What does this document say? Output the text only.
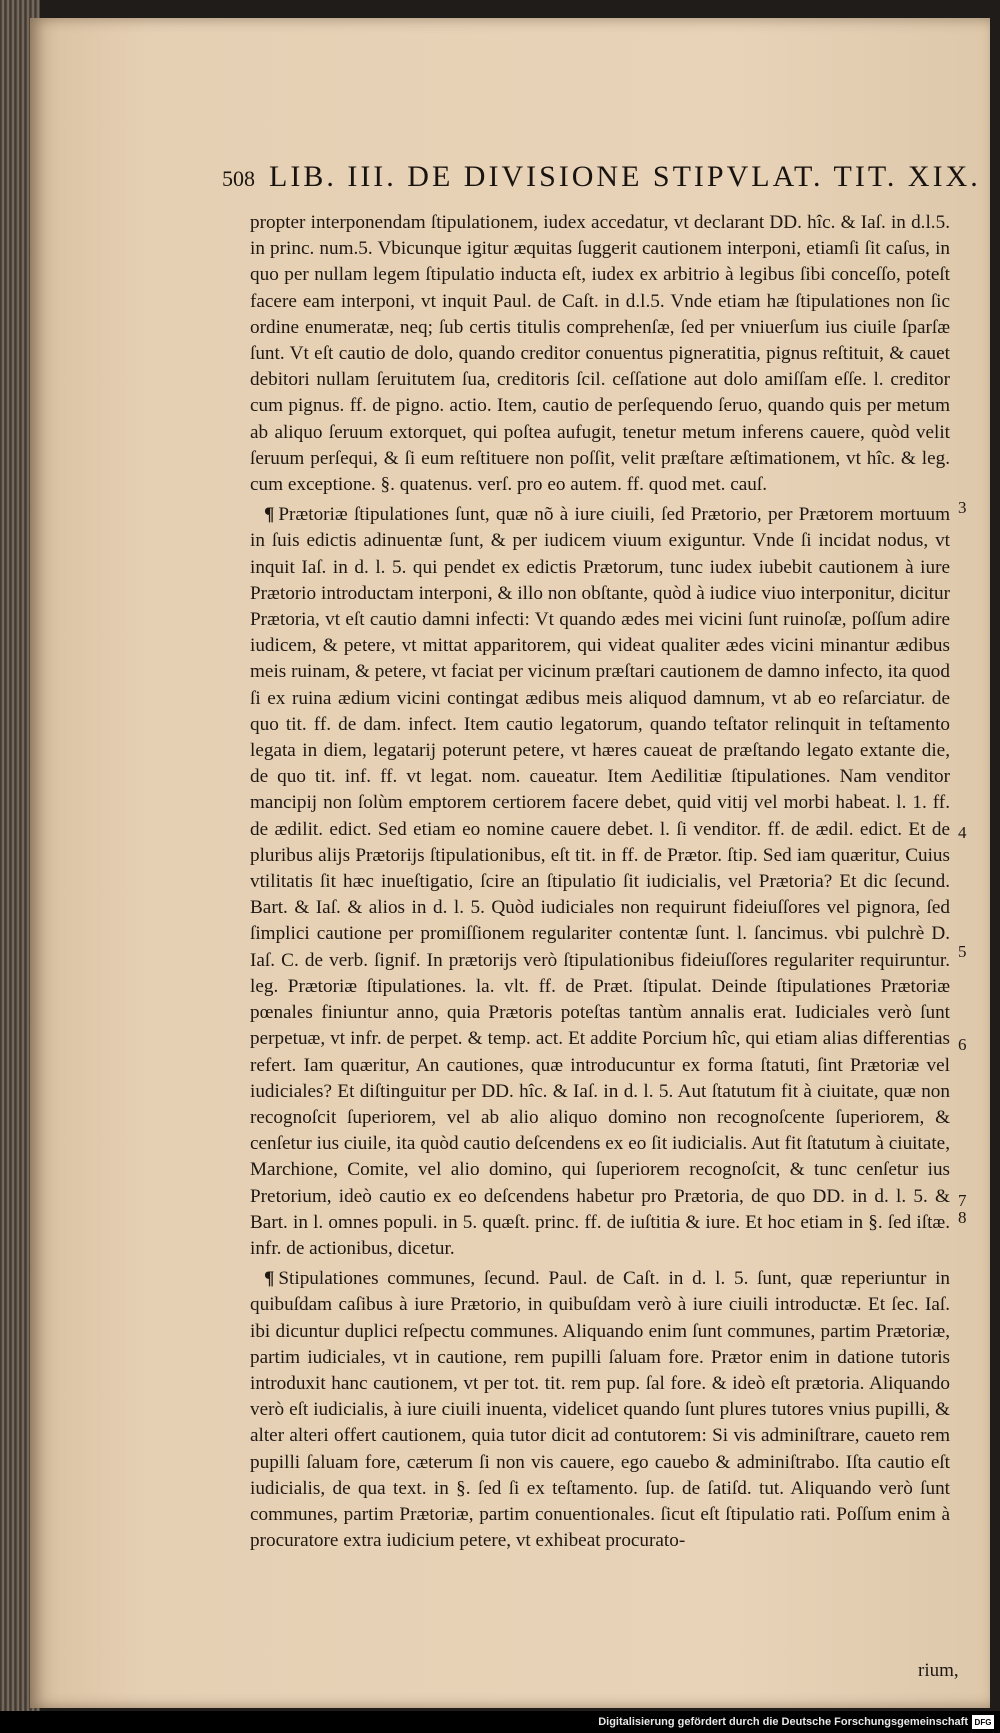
508 LIB. III. DE DIVISIONE STIPVLAT. TIT. XIX.

propter interponendam ſtipulationem, iudex accedatur, vt declarant DD. hîc. & Iaſ. in d.l.5. in princ. num.5. Vbicunque igitur æquitas ſuggerit cautionem interponi, etiamſi ſit caſus, in quo per nullam legem ſtipulatio inducta eſt, iudex ex arbitrio à legibus ſibi conceſſo, poteſt facere eam interponi, vt inquit Paul. de Caſt. in d.l.5. Vnde etiam hæ ſtipulationes non ſic ordine enumeratæ, neq; ſub certis titulis comprehenſæ, ſed per vniuerſum ius ciuile ſparſæ ſunt. Vt eſt cautio de dolo, quando creditor conuentus pigneratitia, pignus reſtituit, & cauet debitori nullam ſeruitutem ſua, creditoris ſcil. ceſſatione aut dolo amiſſam eſſe. l. creditor cum pignus. ff. de pigno. actio. Item, cautio de perſequendo ſeruo, quando quis per metum ab aliquo ſeruum extorquet, qui poſtea aufugit, tenetur metum inferens cauere, quòd velit ſeruum perſequi, & ſi eum reſtituere non poſſit, velit præſtare æſtimationem, vt hîc. & leg. cum exceptione. §. quatenus. verſ. pro eo autem. ff. quod met. cauſ.

¶ Prætoriæ ſtipulationes ſunt, quæ nõ à iure ciuili, ſed Prætorio, per Prætorem mortuum in ſuis edictis adinuentæ ſunt, & per iudicem viuum exiguntur. Vnde ſi incidat nodus, vt inquit Iaſ. in d. l. 5. qui pendet ex edictis Prætorum, tunc iudex iubebit cautionem à iure Prætorio introductam interponi, & illo non obſtante, quòd à iudice viuo interponitur, dicitur Prætoria, vt eſt cautio damni infecti: Vt quando ædes mei vicini ſunt ruinoſæ, poſſum adire iudicem, & petere, vt mittat apparitorem, qui videat qualiter ædes vicini minantur ædibus meis ruinam, & petere, vt faciat per vicinum præſtari cautionem de damno infecto, ita quod ſi ex ruina ædium vicini contingat ædibus meis aliquod damnum, vt ab eo reſarciatur. de quo tit. ff. de dam. infect. Item cautio legatorum, quando teſtator relinquit in teſtamento legata in diem, legatarij poterunt petere, vt hæres caueat de præſtando legato extante die, de quo tit. inf. ff. vt legat. nom. caueatur. Item Aedilitiæ ſtipulationes. Nam venditor mancipij non ſolùm emptorem certiorem facere debet, quid vitij vel morbi habeat. l. 1. ff. de ædilit. edict. Sed etiam eo nomine cauere debet. l. ſi venditor. ff. de ædil. edict. Et de pluribus alijs Prætorijs ſtipulationibus, eſt tit. in ff. de Prætor. ſtip. Sed iam quæritur, Cuius vtilitatis ſit hæc inueſtigatio, ſcire an ſtipulatio ſit iudicialis, vel Prætoria? Et dic ſecund. Bart. & Iaſ. & alios in d. l. 5. Quòd iudiciales non requirunt fideiuſſores vel pignora, ſed ſimplici cautione per promiſſionem regulariter contentæ ſunt. l. ſancimus. vbi pulchrè D. Iaſ. C. de verb. ſignif. In prætorijs verò ſtipulationibus fideiuſſores regulariter requiruntur. leg. Prætoriæ ſtipulationes. la. vlt. ff. de Præt. ſtipulat. Deinde ſtipulationes Prætoriæ pœnales finiuntur anno, quia Prætoris poteſtas tantùm annalis erat. Iudiciales verò ſunt perpetuæ, vt infr. de perpet. & temp. act. Et addite Porcium hîc, qui etiam alias differentias refert. Iam quæritur, An cautiones, quæ introducuntur ex forma ſtatuti, ſint Prætoriæ vel iudiciales? Et diſtinguitur per DD. hîc. & Iaſ. in d. l. 5. Aut ſtatutum fit à ciuitate, quæ non recognoſcit ſuperiorem, vel ab alio aliquo domino non recognoſcente ſuperiorem, & cenſetur ius ciuile, ita quòd cautio deſcendens ex eo ſit iudicialis. Aut fit ſtatutum à ciuitate, Marchione, Comite, vel alio domino, qui ſuperiorem recognoſcit, & tunc cenſetur ius Pretorium, ideò cautio ex eo deſcendens habetur pro Prætoria, de quo DD. in d. l. 5. & Bart. in l. omnes populi. in 5. quæſt. princ. ff. de iuſtitia & iure. Et hoc etiam in §. ſed iſtæ. infr. de actionibus, dicetur.

¶ Stipulationes communes, ſecund. Paul. de Caſt. in d. l. 5. ſunt, quæ reperiuntur in quibuſdam caſibus à iure Prætorio, in quibuſdam verò à iure ciuili introductæ. Et ſec. Iaſ. ibi dicuntur duplici reſpectu communes. Aliquando enim ſunt communes, partim Prætoriæ, partim iudiciales, vt in cautione, rem pupilli ſaluam fore. Prætor enim in datione tutoris introduxit hanc cautionem, vt per tot. tit. rem pup. ſal fore. & ideò eſt prætoria. Aliquando verò eſt iudicialis, à iure ciuili inuenta, videlicet quando ſunt plures tutores vnius pupilli, & alter alteri offert cautionem, quia tutor dicit ad contutorem: Si vis adminiſtrare, caueto rem pupilli ſaluam fore, cæterum ſi non vis cauere, ego cauebo & adminiſtrabo. Iſta cautio eſt iudicialis, de qua text. in §. ſed ſi ex teſtamento. ſup. de ſatiſd. tut. Aliquando verò ſunt communes, partim Prætoriæ, partim conuentionales. ſicut eſt ſtipulatio rati. Poſſum enim à procuratore extra iudicium petere, vt exhibeat procurato-

3
4
5
6
7
8
rium,
Digitalisierung gefördert durch die Deutsche Forschungsgemeinschaft DFG
